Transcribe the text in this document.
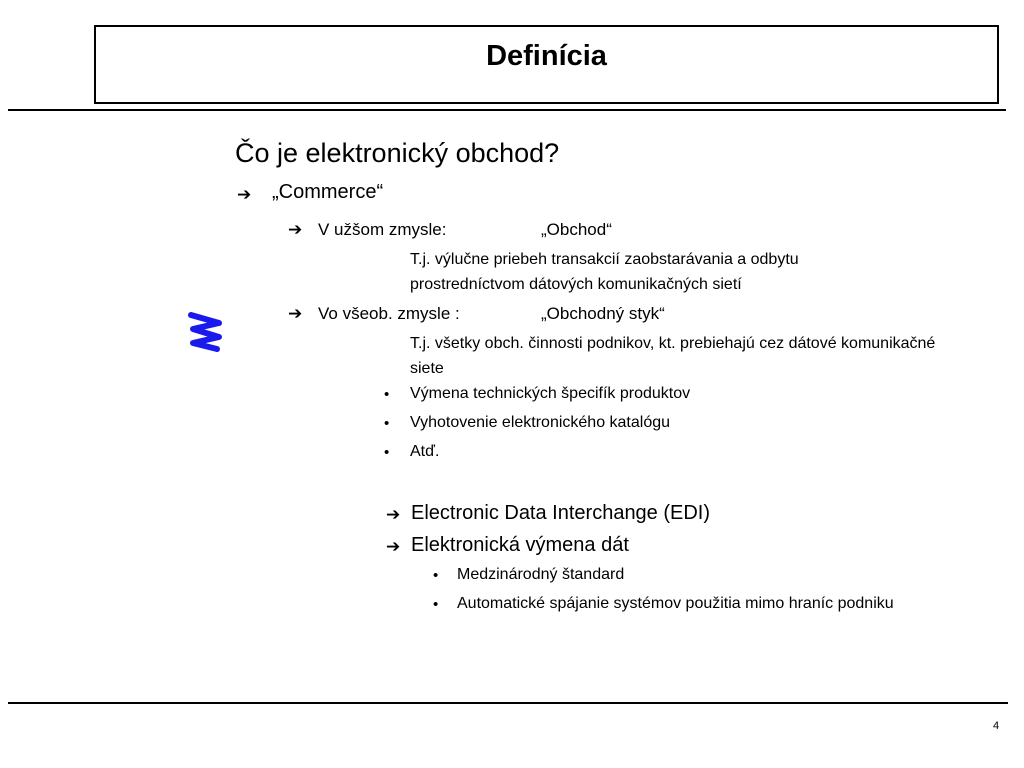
Definícia
Čo je elektronický obchod?
➔ „Commerce“
➔ V užšom zmysle:	„Obchod“
T.j. výlučne priebeh transakcií zaobstarávania a odbytu prostredníctvom dátových komunikačných sietí
➔ Vo všeob. zmysle :	„Obchodný styk“
T.j. všetky obch. činnosti podnikov, kt. prebiehajú cez dátové komunikačné siete
• Výmena technických špecifík produktov
• Vyhotovenie elektronického katalógu
• Atď.
➔ Electronic Data Interchange (EDI)
➔ Elektronická výmena dát
• Medzinárodný štandard
• Automatické spájanie systémov použitia mimo hraníc podniku
4
